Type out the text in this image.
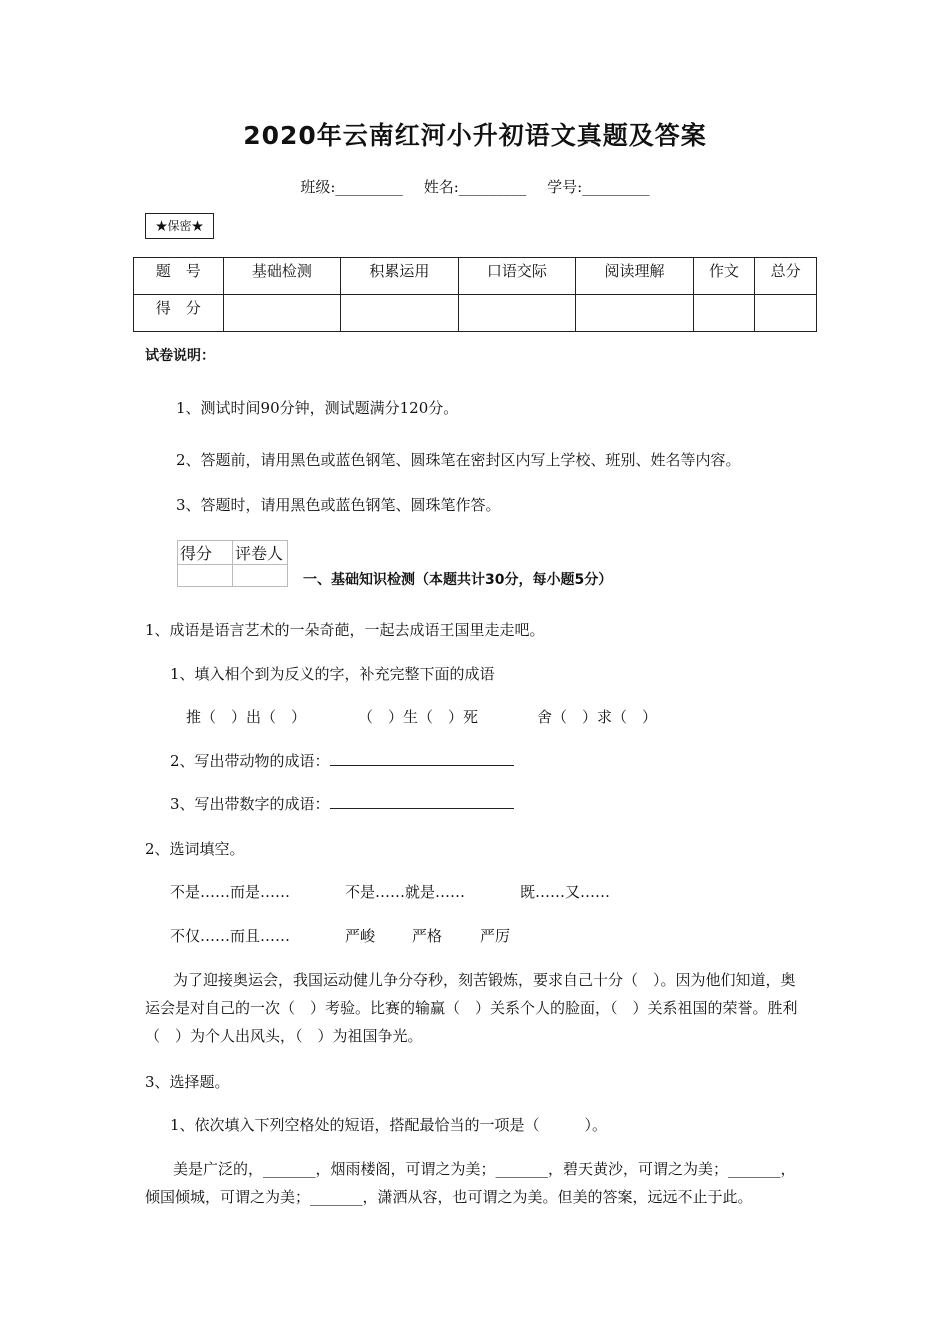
2020年云南红河小升初语文真题及答案
班级:_________ 姓名:_________ 学号:_________
★保密★
题　号	基础检测	积累运用	口语交际	阅读理解	作文	总分
得　分						
试卷说明：
1、测试时间90分钟，测试题满分120分。
2、答题前，请用黑色或蓝色钢笔、圆珠笔在密封区内写上学校、班别、姓名等内容。
3、答题时，请用黑色或蓝色钢笔、圆珠笔作答。
得分	评卷人

一、基础知识检测（本题共计30分，每小题5分）
1、成语是语言艺术的一朵奇葩，一起去成语王国里走走吧。
1、填入相个到为反义的字，补充完整下面的成语
推（　）出（　）	（　）生（　）死	舍（　）求（　）
2、写出带动物的成语：
3、写出带数字的成语：
2、选词填空。
不是……而是……	不是……就是……	既……又……
不仅……而且……	严峻 严格	严厉
为了迎接奥运会，我国运动健儿争分夺秒，刻苦锻炼，要求自己十分（　）。因为他们知道，奥运会是对自己的一次（　）考验。比赛的输赢（　）关系个人的脸面，（　）关系祖国的荣誉。胜利（　）为个人出风头，（　）为祖国争光。
3、选择题。
1、依次填入下列空格处的短语，搭配最恰当的一项是（　　　）。
美是广泛的，_______，烟雨楼阁，可谓之为美；_______，碧天黄沙，可谓之为美；_______，倾国倾城，可谓之为美；_______，潇洒从容，也可谓之为美。但美的答案，远远不止于此。
